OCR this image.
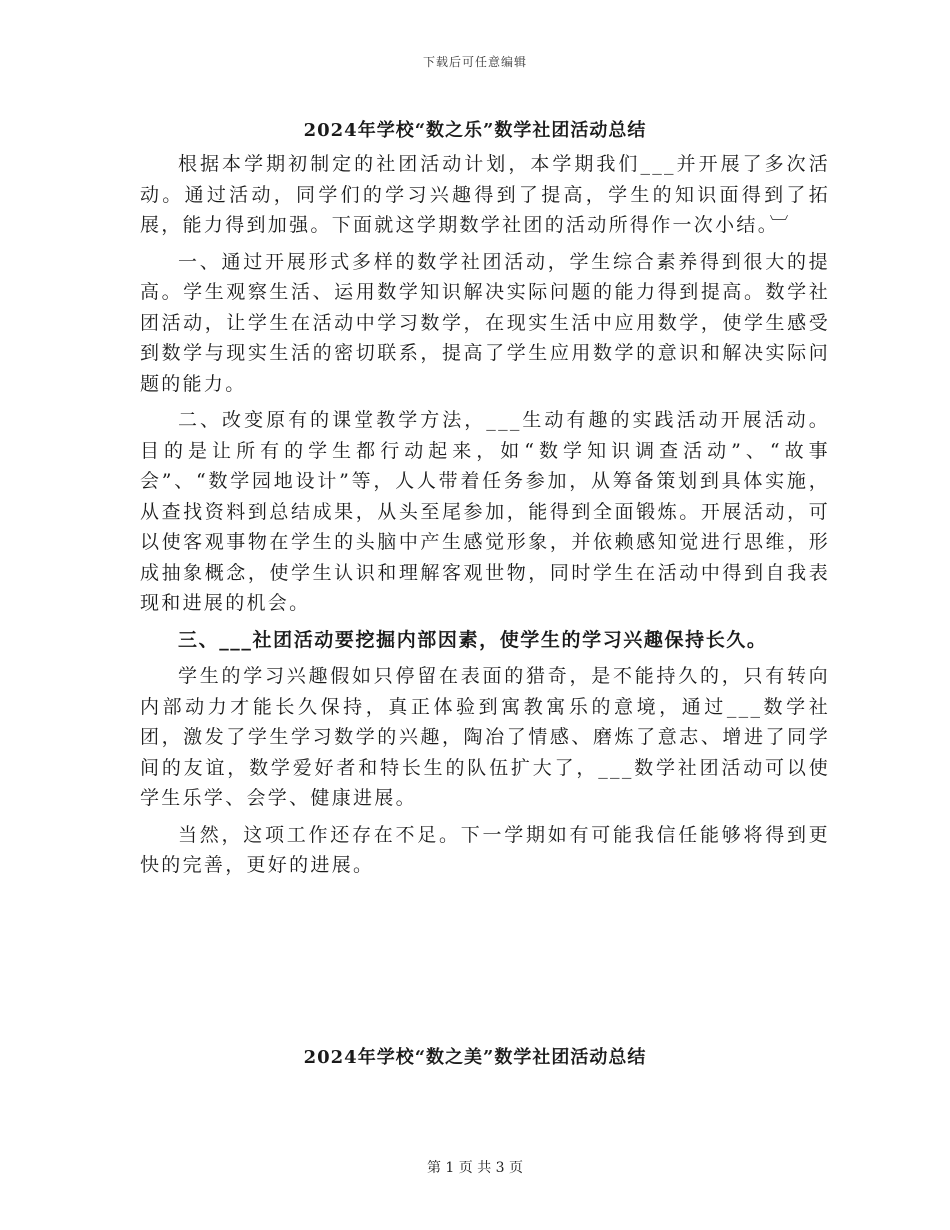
下载后可任意编辑
2024年学校“数之乐”数学社团活动总结

根据本学期初制定的社团活动计划，本学期我们___并开展了多次活动。通过活动，同学们的学习兴趣得到了提高，学生的知识面得到了拓展，能力得到加强。下面就这学期数学社团的活动所得作一次小结。︺

一、通过开展形式多样的数学社团活动，学生综合素养得到很大的提高。学生观察生活、运用数学知识解决实际问题的能力得到提高。数学社团活动，让学生在活动中学习数学，在现实生活中应用数学，使学生感受到数学与现实生活的密切联系，提高了学生应用数学的意识和解决实际问题的能力。

二、改变原有的课堂教学方法，___生动有趣的实践活动开展活动。目的是让所有的学生都行动起来，如“数学知识调查活动”、“故事会”、“数学园地设计”等，人人带着任务参加，从筹备策划到具体实施，从查找资料到总结成果，从头至尾参加，能得到全面锻炼。开展活动，可以使客观事物在学生的头脑中产生感觉形象，并依赖感知觉进行思维，形成抽象概念，使学生认识和理解客观世物，同时学生在活动中得到自我表现和进展的机会。

三、___社团活动要挖掘内部因素，使学生的学习兴趣保持长久。

学生的学习兴趣假如只停留在表面的猎奇，是不能持久的，只有转向内部动力才能长久保持，真正体验到寓教寓乐的意境，通过___数学社团，激发了学生学习数学的兴趣，陶冶了情感、磨炼了意志、增进了同学间的友谊，数学爱好者和特长生的队伍扩大了，___数学社团活动可以使学生乐学、会学、健康进展。

当然，这项工作还存在不足。下一学期如有可能我信任能够将得到更快的完善，更好的进展。

2024年学校“数之美”数学社团活动总结
第 1 页 共 3 页
